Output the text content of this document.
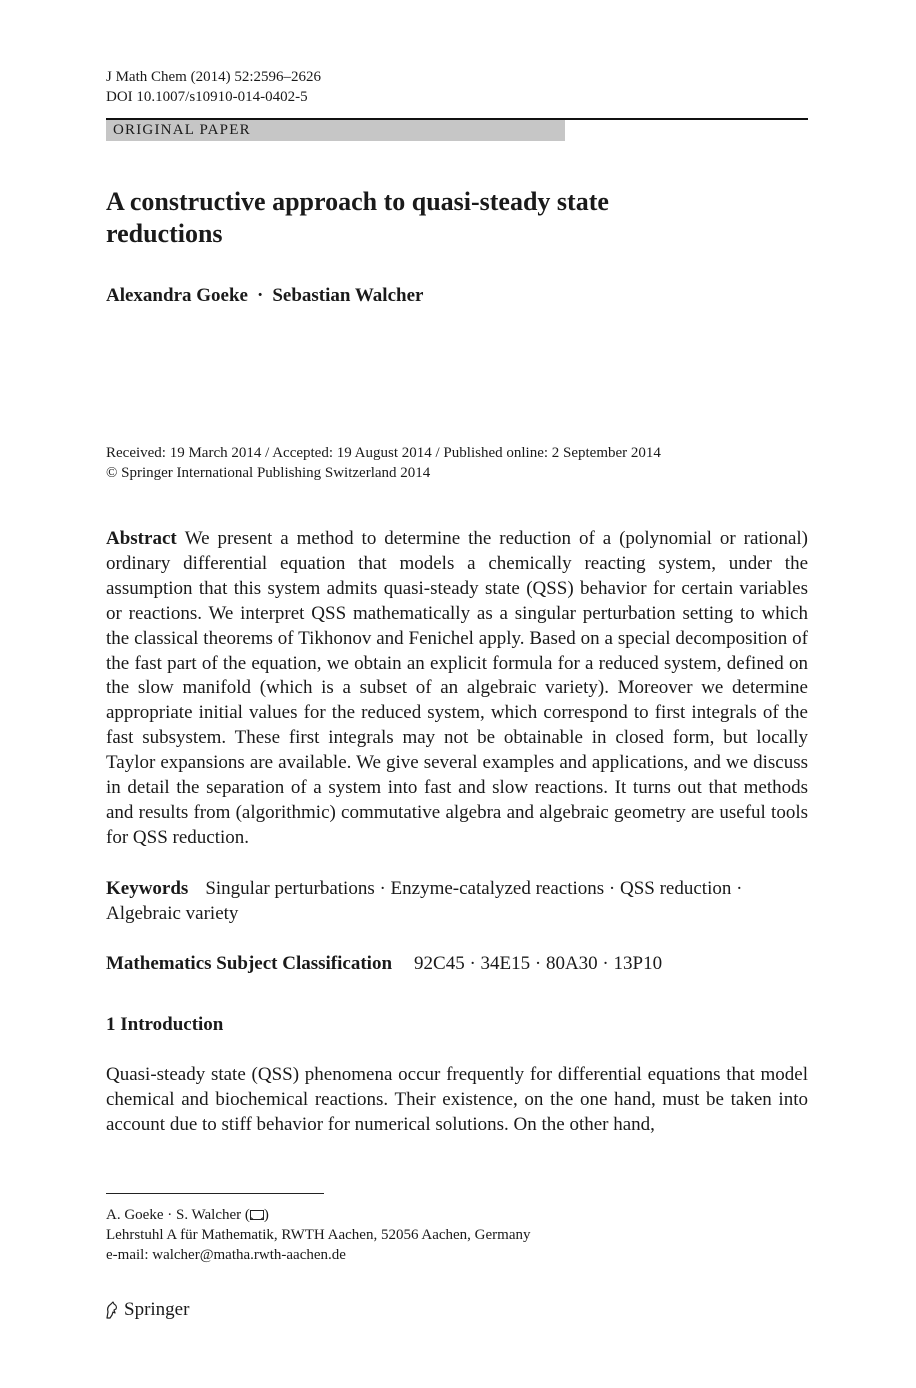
J Math Chem (2014) 52:2596–2626
DOI 10.1007/s10910-014-0402-5
ORIGINAL PAPER
A constructive approach to quasi-steady state
reductions
Alexandra Goeke · Sebastian Walcher
Received: 19 March 2014 / Accepted: 19 August 2014 / Published online: 2 September 2014
© Springer International Publishing Switzerland 2014
Abstract We present a method to determine the reduction of a (polynomial or rational) ordinary differential equation that models a chemically reacting system, under the assumption that this system admits quasi-steady state (QSS) behavior for certain variables or reactions. We interpret QSS mathematically as a singular perturbation setting to which the classical theorems of Tikhonov and Fenichel apply. Based on a special decomposition of the fast part of the equation, we obtain an explicit formula for a reduced system, defined on the slow manifold (which is a subset of an algebraic variety). Moreover we determine appropriate initial values for the reduced system, which correspond to first integrals of the fast subsystem. These first integrals may not be obtainable in closed form, but locally Taylor expansions are available. We give several examples and applications, and we discuss in detail the separation of a system into fast and slow reactions. It turns out that methods and results from (algorithmic) commutative algebra and algebraic geometry are useful tools for QSS reduction.
Keywords Singular perturbations · Enzyme-catalyzed reactions · QSS reduction · Algebraic variety
Mathematics Subject Classification 92C45 · 34E15 · 80A30 · 13P10
1 Introduction
Quasi-steady state (QSS) phenomena occur frequently for differential equations that model chemical and biochemical reactions. Their existence, on the one hand, must be taken into account due to stiff behavior for numerical solutions. On the other hand,
A. Goeke · S. Walcher ( )
Lehrstuhl A für Mathematik, RWTH Aachen, 52056 Aachen, Germany
e-mail: walcher@matha.rwth-aachen.de
Springer
